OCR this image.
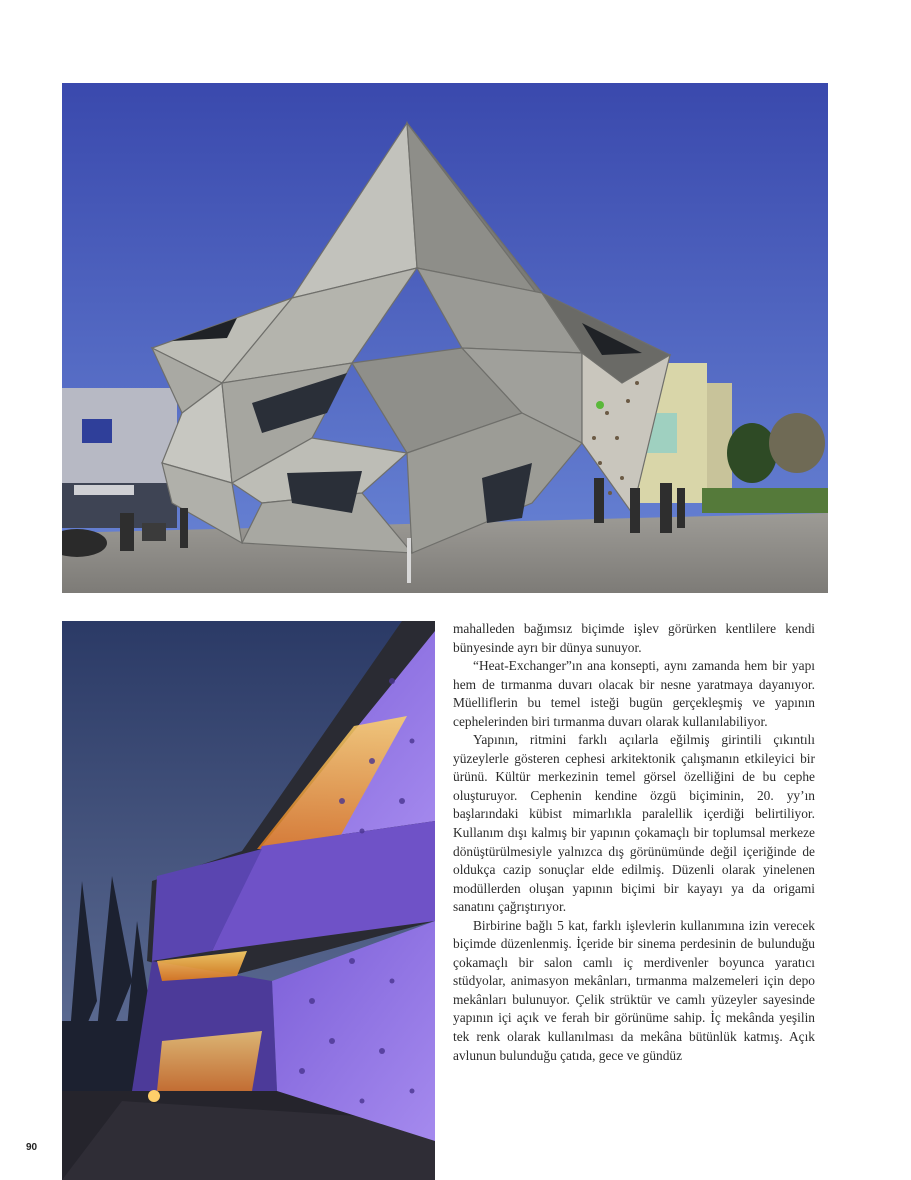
mahalleden bağımsız biçimde işlev görürken kentlilere kendi bünyesinde ayrı bir dünya sunuyor.

“Heat-Exchanger”ın ana konsepti, aynı zamanda hem bir yapı hem de tırmanma duvarı olacak bir nesne yaratmaya dayanıyor. Müelliflerin bu temel isteği bugün gerçekleşmiş ve yapının cephelerinden biri tırmanma duvarı olarak kullanılabiliyor.

Yapının, ritmini farklı açılarla eğilmiş girintili çıkıntılı yüzeylerle gösteren cephesi arkitektonik çalışmanın etkileyici bir ürünü. Kültür merkezinin temel görsel özelliğini de bu cephe oluşturuyor. Cephenin kendine özgü biçiminin, 20. yy’ın başlarındaki kübist mimarlıkla paralellik içerdiği belirtiliyor. Kullanım dışı kalmış bir yapının çokamaçlı bir toplumsal merkeze dönüştürülmesiyle yalnızca dış görünümünde değil içeriğinde de oldukça cazip sonuçlar elde edilmiş. Düzenli olarak yinelenen modüllerden oluşan yapının biçimi bir kayayı ya da origami sanatını çağrıştırıyor.

Birbirine bağlı 5 kat, farklı işlevlerin kullanımına izin verecek biçimde düzenlenmiş. İçeride bir sinema perdesinin de bulunduğu çokamaçlı bir salon camlı iç merdivenler boyunca yaratıcı stüdyolar, animasyon mekânları, tırmanma malzemeleri için depo mekânları bulunuyor. Çelik strüktür ve camlı yüzeyler sayesinde yapının içi açık ve ferah bir görünüme sahip. İç mekânda yeşilin tek renk olarak kullanılması da mekâna bütünlük katmış. Açık avlunun bulunduğu çatıda, gece ve gündüz

90
